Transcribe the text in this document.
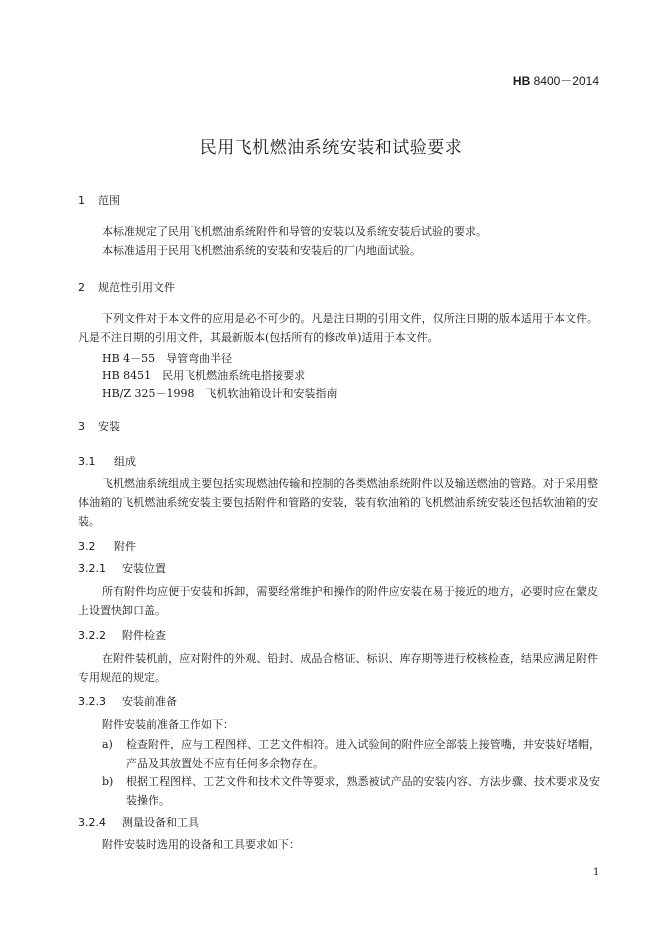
HB 8400－2014
民用飞机燃油系统安装和试验要求
1 范围
本标准规定了民用飞机燃油系统附件和导管的安装以及系统安装后试验的要求。
本标准适用于民用飞机燃油系统的安装和安装后的厂内地面试验。
2 规范性引用文件
下列文件对于本文件的应用是必不可少的。凡是注日期的引用文件，仅所注日期的版本适用于本文件。凡是不注日期的引用文件，其最新版本(包括所有的修改单)适用于本文件。
HB 4－55　导管弯曲半径
HB 8451　民用飞机燃油系统电搭接要求
HB/Z 325－1998　飞机软油箱设计和安装指南
3 安装
3.1 组成
飞机燃油系统组成主要包括实现燃油传输和控制的各类燃油系统附件以及输送燃油的管路。对于采用整体油箱的飞机燃油系统安装主要包括附件和管路的安装，装有软油箱的飞机燃油系统安装还包括软油箱的安装。
3.2 附件
3.2.1 安装位置
所有附件均应便于安装和拆卸，需要经常维护和操作的附件应安装在易于接近的地方，必要时应在蒙皮上设置快卸口盖。
3.2.2 附件检查
在附件装机前，应对附件的外观、铅封、成品合格证、标识、库存期等进行校核检查，结果应满足附件专用规范的规定。
3.2.3 安装前准备
附件安装前准备工作如下：
a) 检查附件，应与工程图样、工艺文件相符。进入试验间的附件应全部装上接管嘴，并安装好堵帽，产品及其放置处不应有任何多余物存在。
b) 根据工程图样、工艺文件和技术文件等要求，熟悉被试产品的安装内容、方法步骤、技术要求及安装操作。
3.2.4 测量设备和工具
附件安装时选用的设备和工具要求如下：
1
